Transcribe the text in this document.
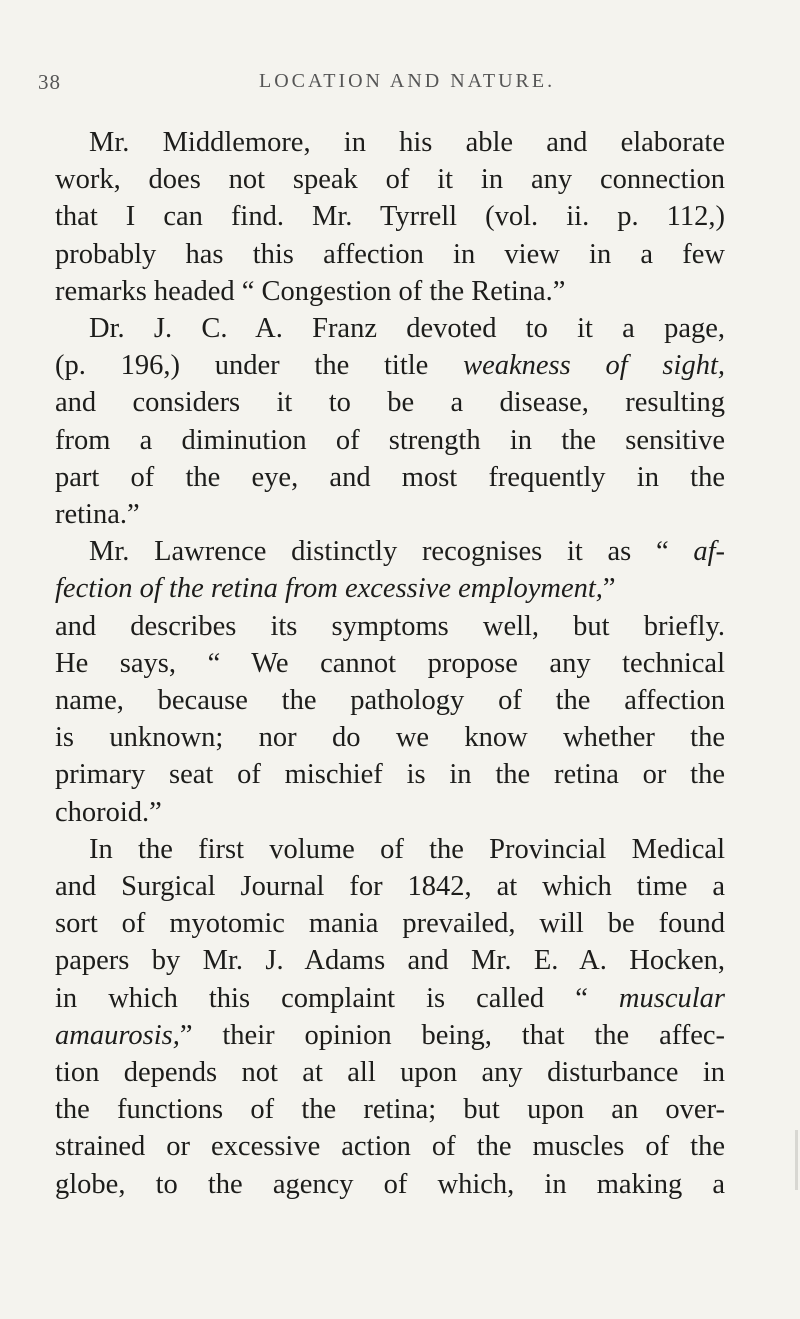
38	LOCATION AND NATURE.
Mr. Middlemore, in his able and elaborate
work, does not speak of it in any connection
that I can find. Mr. Tyrrell (vol. ii. p. 112,)
probably has this affection in view in a few
remarks headed “ Congestion of the Retina.”
Dr. J. C. A. Franz devoted to it a page,
(p. 196,) under the title weakness of sight,
and considers it to be a disease, resulting
from a diminution of strength in the sensitive
part of the eye, and most frequently in the
retina.”
Mr. Lawrence distinctly recognises it as “ af-
fection of the retina from excessive employment,”
and describes its symptoms well, but briefly.
He says, “ We cannot propose any technical
name, because the pathology of the affection
is unknown; nor do we know whether the
primary seat of mischief is in the retina or the
choroid.”
In the first volume of the Provincial Medical
and Surgical Journal for 1842, at which time a
sort of myotomic mania prevailed, will be found
papers by Mr. J. Adams and Mr. E. A. Hocken,
in which this complaint is called “ muscular
amaurosis,” their opinion being, that the affec-
tion depends not at all upon any disturbance in
the functions of the retina; but upon an over-
strained or excessive action of the muscles of the
globe, to the agency of which, in making a
